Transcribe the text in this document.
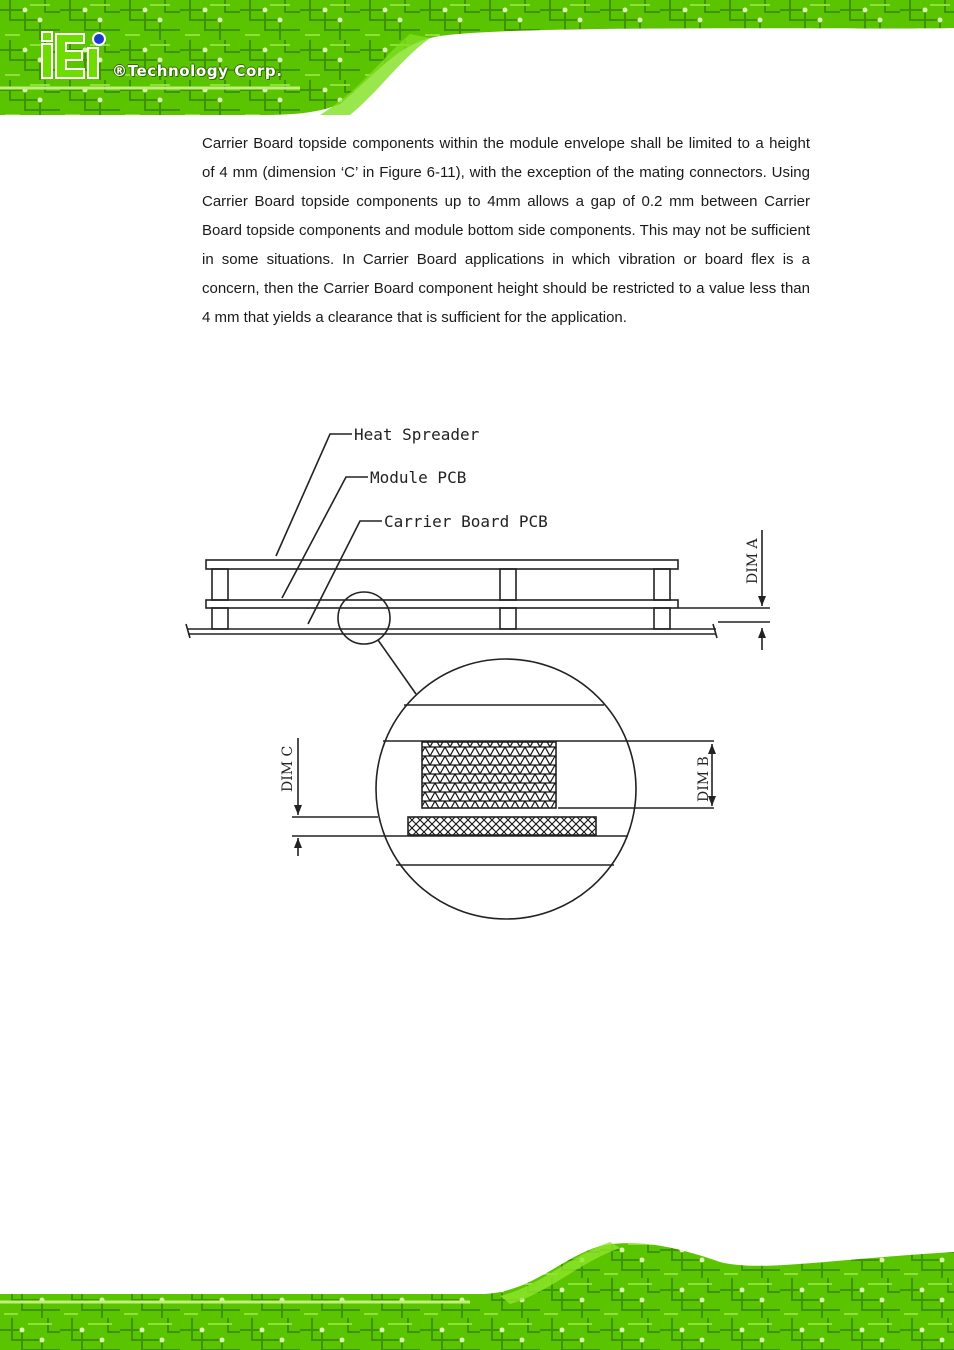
®Technology Corp.

Carrier Board topside components within the module envelope shall be limited to a height of 4 mm (dimension ‘C’ in Figure 6-11), with the exception of the mating connectors. Using Carrier Board topside components up to 4mm allows a gap of 0.2 mm between Carrier Board topside components and module bottom side components. This may not be sufficient in some situations. In Carrier Board applications in which vibration or board flex is a concern, then the Carrier Board component height should be restricted to a value less than 4 mm that yields a clearance that is sufficient for the application.

Heat Spreader
Module PCB
Carrier Board PCB
DIM A
DIM B
DIM C
